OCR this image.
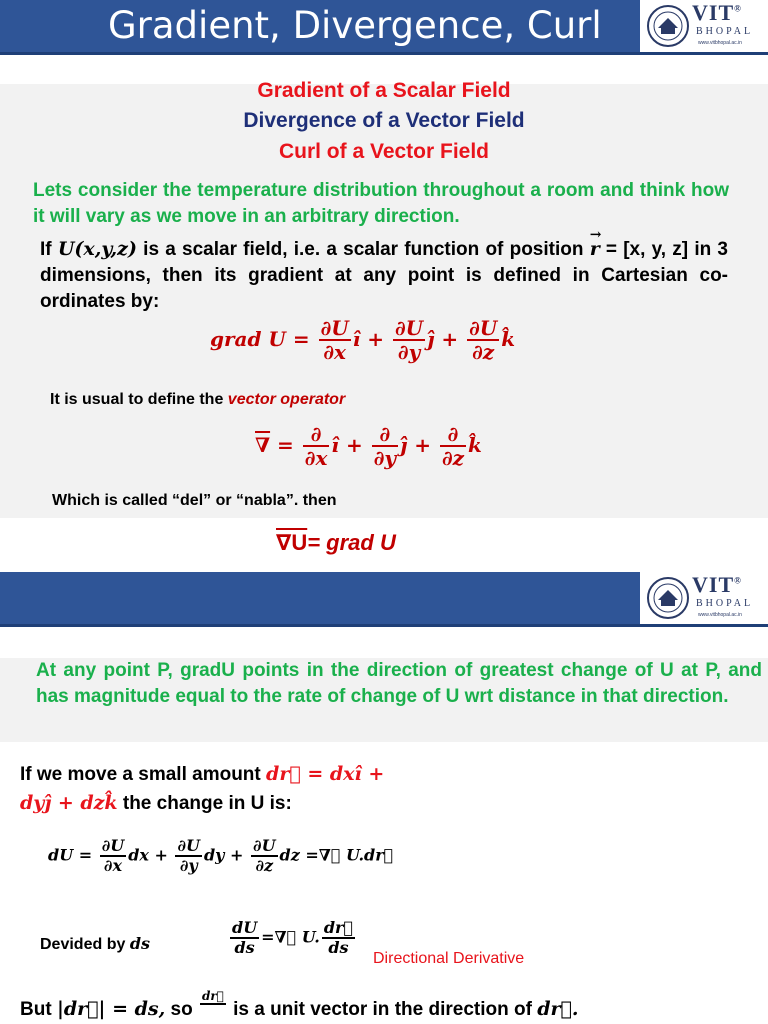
Gradient, Divergence, Curl	VIT®
BHOPAL
www.vitbhopal.ac.in
Gradient of a Scalar Field
Divergence of a Vector Field
Curl of a Vector Field
Lets consider the temperature distribution throughout a room and think how it will vary as we move in an arbitrary direction.
If U(x,y,z) is a scalar field, i.e. a scalar function of position
→
r = [x, y, z] in 3 dimensions, then its gradient at any point is defined in Cartesian co-ordinates by:
grad $U = \frac{\partial U}{\partial x}$ î + $\frac{\partial U}{\partial y}$ ĵ + $\frac{\partial U}{\partial z}$ k̂
It is usual to define the vector operator
∇ = $\frac{\partial}{\partial x}$ î + $\frac{\partial}{\partial y}$ ĵ + $\frac{\partial}{\partial z}$ k̂
Which is called “del” or “nabla”. then
∇U= grad U
VIT®
BHOPAL
www.vitbhopal.ac.in
At any point P, gradU points in the direction of greatest change of U at P, and has magnitude equal to the rate of change of U wrt distance in that direction.
If we move a small amount dr⃗ = dxî +
dyĵ + dzk̂ the change in U is:
dU = $\frac{\partial U}{\partial x}$ dx + $\frac{\partial U}{\partial y}$ dy + $\frac{\partial U}{\partial z}$ dz =∇⃗ U.dr⃗
Devided by ds	$\frac{dU}{ds}$ =∇⃗ U. $\frac{dr⃗}{ds}$
Directional Derivative
But |dr⃗| = ds, so
dr⃗
is a unit vector in the direction of dr⃗.
